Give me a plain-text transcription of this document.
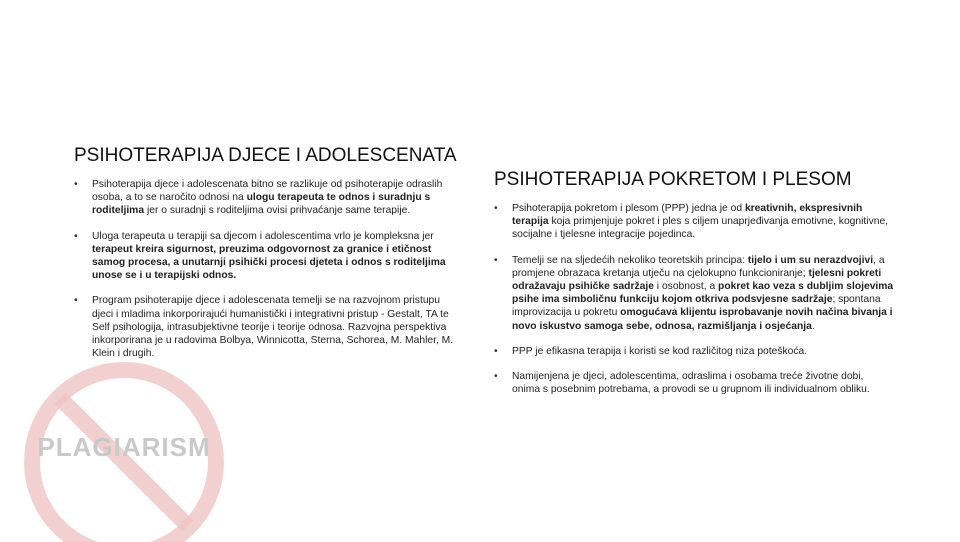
PLAGIARISM
PSIHOTERAPIJA DJECE I ADOLESCENATA
• Psihoterapija djece i adolescenata bitno se razlikuje od psihoterapije odraslih osoba, a to se naročito odnosi na ulogu terapeuta te odnos i suradnju s roditeljima jer o suradnji s roditeljima ovisi prihvaćanje same terapije.
• Uloga terapeuta u terapiji sa djecom i adolescentima vrlo je kompleksna jer terapeut kreira sigurnost, preuzima odgovornost za granice i etičnost samog procesa, a unutarnji psihički procesi djeteta i odnos s roditeljima unose se i u terapijski odnos.
• Program psihoterapije djece i adolescenata temelji se na razvojnom pristupu djeci i mladima inkorporirajući humanistički i integrativni pristup - Gestalt, TA te Self psihologija, intrasubjektivne teorije i teorije odnosa. Razvojna perspektiva inkorporirana je u radovima Bolbya, Winnicotta, Sterna, Schorea, M. Mahler, M. Klein i drugih.
PSIHOTERAPIJA POKRETOM I PLESOM
• Psihoterapija pokretom i plesom (PPP) jedna je od kreativnih, ekspresivnih terapija koja primjenjuje pokret i ples s ciljem unaprjeđivanja emotivne, kognitivne, socijalne i tjelesne integracije pojedinca.
• Temelji se na sljedećih nekoliko teoretskih principa: tijelo i um su nerazdvojivi, a promjene obrazaca kretanja utječu na cjelokupno funkcioniranje; tjelesni pokreti odražavaju psihičke sadržaje i osobnost, a pokret kao veza s dubljim slojevima psihe ima simboličnu funkciju kojom otkriva podsvjesne sadržaje; spontana improvizacija u pokretu omogućava klijentu isprobavanje novih načina bivanja i novo iskustvo samoga sebe, odnosa, razmišljanja i osjećanja.
• PPP je efikasna terapija i koristi se kod različitog niza poteškoća.
• Namijenjena je djeci, adolescentima, odraslima i osobama treće životne dobi, onima s posebnim potrebama, a provodi se u grupnom ili individualnom obliku.
